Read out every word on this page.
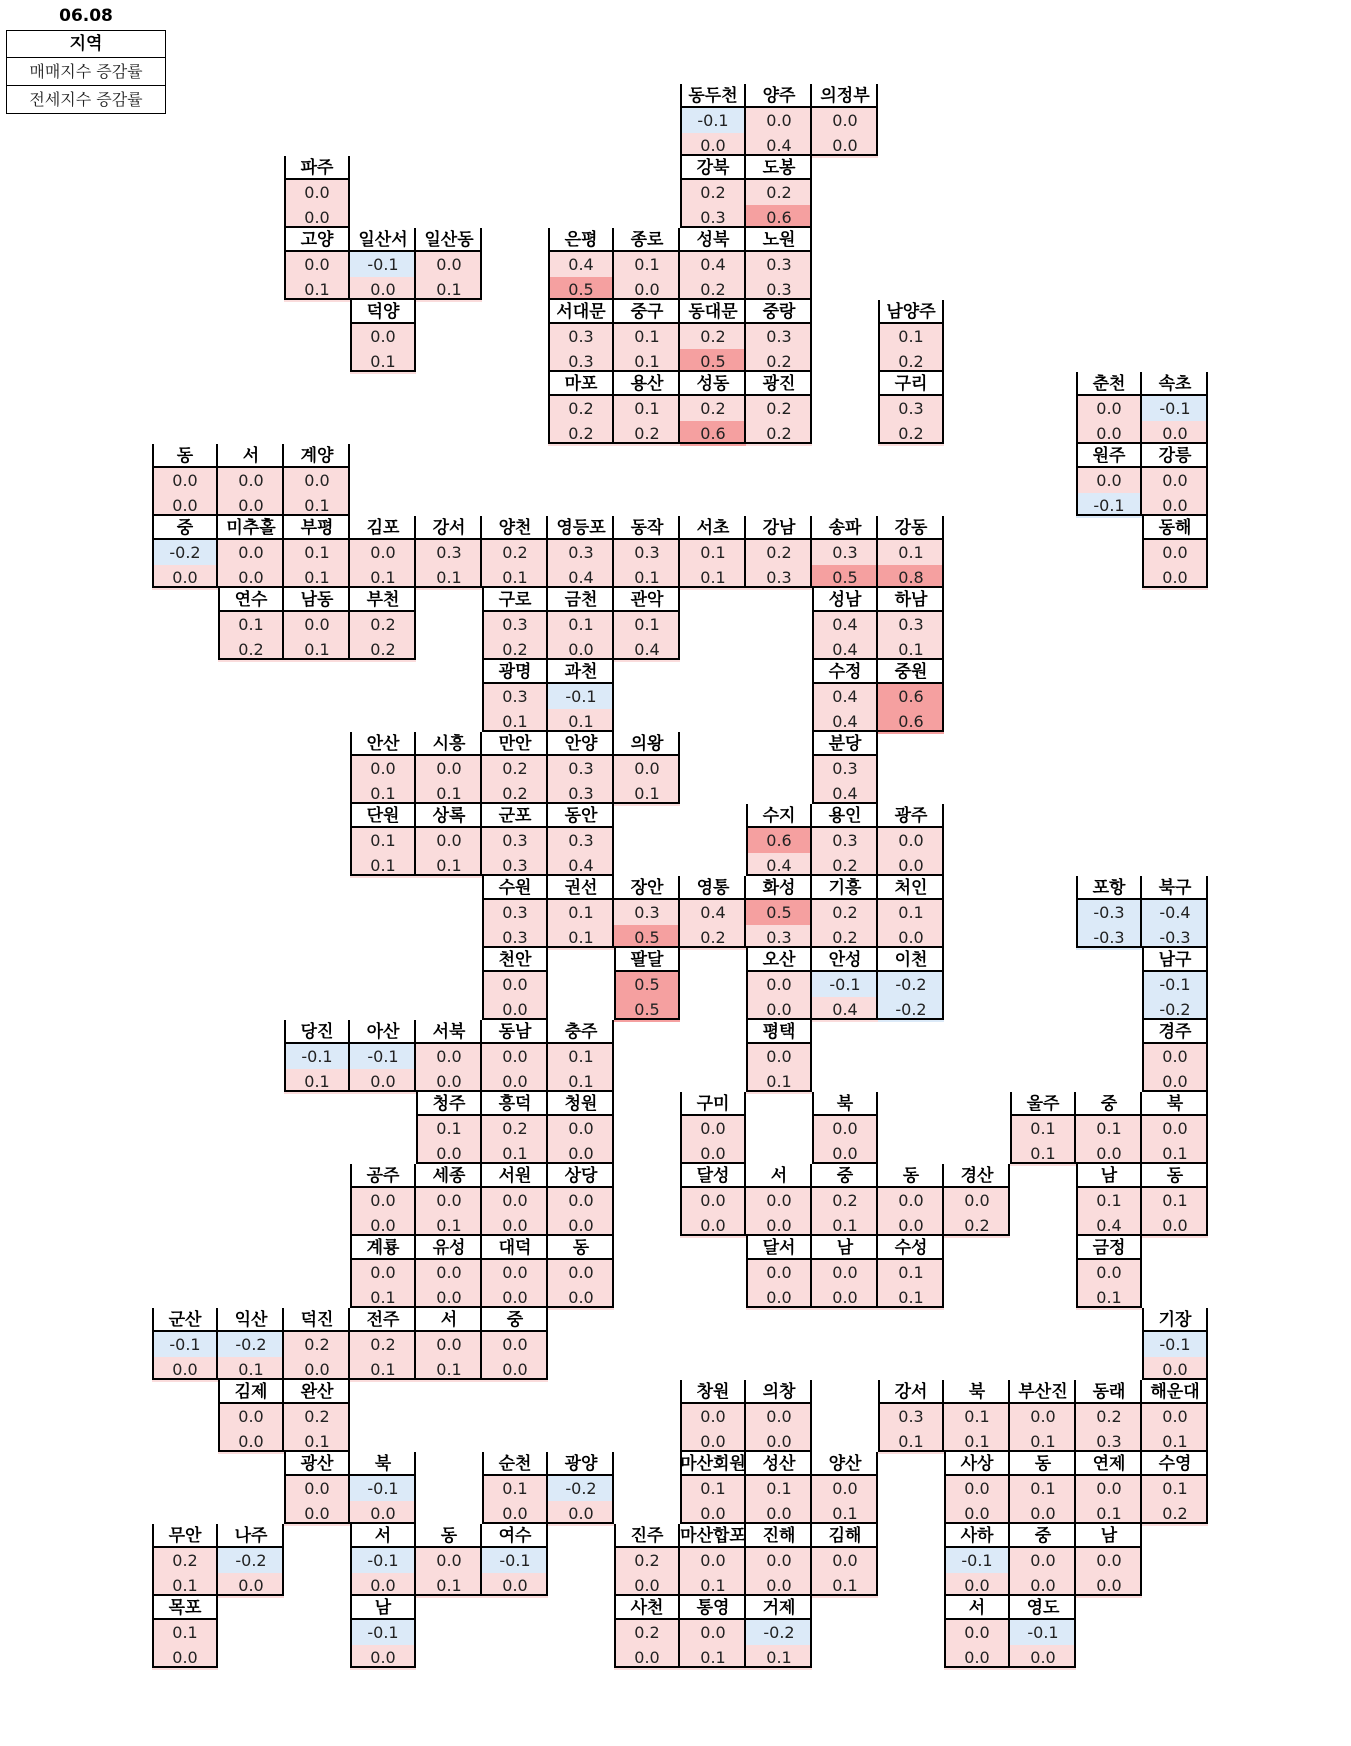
06.08
지역
매매지수 증감률
전세지수 증감률	동두천
-0.1
0.0
양주
0.0
0.4
의정부
0.0
0.0
강북
0.2
0.3
도봉
0.2
0.6
파주
0.0
0.0
고양
0.0
0.1
일산서
-0.1
0.0
일산동
0.0
0.1
은평
0.4
0.5
종로
0.1
0.0
성북
0.4
0.2
노원
0.3
0.3
덕양
0.0
0.1
남양주
0.1
0.2
서대문
0.3
0.3
중구
0.1
0.1
동대문
0.2
0.5
중랑
0.3
0.2
구리
0.3
0.2
속초
-0.1
0.0
춘천
0.0
0.0
마포
0.2
0.2
용산
0.1
0.2
성동
0.2
0.6
광진
0.2
0.2
강릉
0.0
0.0
원주
0.0
-0.1
서
0.0
0.0
계양
0.0
0.1
동
0.0
0.0
동해
0.0
0.0
미추홀
0.0
0.0
부평
0.1
0.1
김포
0.0
0.1
강서
0.3
0.1
양천
0.2
0.1
영등포
0.3
0.4
동작
0.3
0.1
서초
0.1
0.1
강남
0.2
0.3
송파
0.3
0.5
강동
0.1
0.8
중
-0.2
0.0
연수
0.1
0.2
남동
0.0
0.1
부천
0.2
0.2
구로
0.3
0.2
금천
0.1
0.0
관악
0.1
0.4
성남
0.4
0.4
하남
0.3
0.1
광명
0.3
0.1
과천
-0.1
0.1
수정
0.4
0.4
중원
0.6
0.6
시흥
0.0
0.1
만안
0.2
0.2
안양
0.3
0.3
의왕
0.0
0.1
분당
0.3
0.4
안산
0.0
0.1
광주
0.0
0.0
상록
0.0
0.1
군포
0.3
0.3
동안
0.3
0.4
수지
0.6
0.4
용인
0.3
0.2
단원
0.1
0.1
처인
0.1
0.0
포항
-0.3
-0.3
북구
-0.4
-0.3
수원
0.3
0.3
권선
0.1
0.1
장안
0.3
0.5
영통
0.4
0.2
화성
0.5
0.3
기흥
0.2
0.2
이천
-0.2
-0.2
남구
-0.1
-0.2
천안
0.0
0.0
팔달
0.5
0.5
오산
0.0
0.0
안성
-0.1
0.4
당진
-0.1
0.1
아산
-0.1
0.0
서북
0.0
0.0
경주
0.0
0.0
동남
0.0
0.0
충주
0.1
0.1
평택
0.0
0.1
청주
0.1
0.0
흥덕
0.2
0.1
청원
0.0
0.0
북
0.0
0.0
중
0.1
0.0
북
0.0
0.1
구미
0.0
0.0
울주
0.1
0.1
공주
0.0
0.0
세종
0.0
0.1
서원
0.0
0.0
상당
0.0
0.0
동
0.0
0.0
서
0.0
0.0
중
0.2
0.1
남
0.1
0.4
동
0.1
0.0
달성
0.0
0.0
경산
0.0
0.2
계룡
0.0
0.1
유성
0.0
0.0
대덕
0.0
0.0
수성
0.1
0.1
동
0.0
0.0
달서
0.0
0.0
남
0.0
0.0
금정
0.0
0.1
군산
-0.1
0.0
익산
-0.2
0.1
덕진
0.2
0.0
서
0.0
0.1
중
0.0
0.0
기장
-0.1
0.0
전주
0.2
0.1
창원
0.0
0.0
의창
0.0
0.0
북
0.1
0.1
부산진
0.0
0.1
동래
0.2
0.3
김제
0.0
0.0
완산
0.2
0.1
강서
0.3
0.1
해운대
0.0
0.1
북
-0.1
0.0
마산회원
0.1
0.0
성산
0.1
0.0
양산
0.0
0.1
사상
0.0
0.0
동
0.1
0.0
연제
0.0
0.1
수영
0.1
0.2
광산
0.0
0.0
순천
0.1
0.0
광양
-0.2
0.0
무안
0.2
0.1
나주
-0.2
0.0
서
-0.1
0.0
진주
0.2
0.0
마산합포
0.0
0.1
진해
0.0
0.0
김해
0.0
0.1
사하
-0.1
0.0
중
0.0
0.0
남
0.0
0.0
동
0.0
0.1
여수
-0.1
0.0
목포
0.1
0.0
남
-0.1
0.0
사천
0.2
0.0
통영
0.0
0.1
거제
-0.2
0.1
서
0.0
0.0
영도
-0.1
0.0
